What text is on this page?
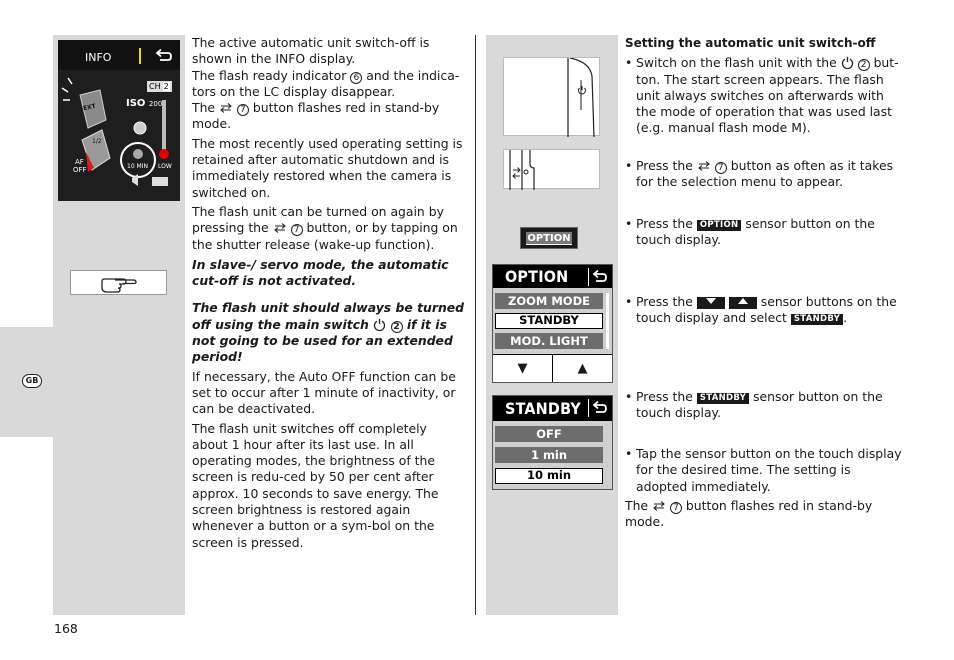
GB
168
INFO
CH 2
ISO 200
EXT
1/2
AF
OFF	10 MIN LOW

The active automatic unit switch-off is shown in the INFO display.

The flash ready indicator 6 and the indica-tors on the LC display disappear.

The	7 button flashes red in stand-by mode.

The most recently used operating setting is retained after automatic shutdown and is immediately restored when the camera is switched on.

The flash unit can be turned on again by pressing the	7 button, or by tapping on the shutter release (wake-up function).

In slave-/ servo mode, the automatic cut-off is not activated.

The flash unit should always be turned off using the main switch	2 if it is not going to be used for an extended period!

If necessary, the Auto OFF function can be set to occur after 1 minute of inactivity, or can be deactivated.

The flash unit switches off completely about 1 hour after its last use. In all operating modes, the brightness of the screen is redu-ced by 50 per cent after approx. 10 seconds to save energy. The screen brightness is restored again whenever a button or a sym-bol on the screen is pressed.

OPTION
OPTION
ZOOM MODE
STANDBY
MOD. LIGHT
▼	▲
STANDBY
OFF
1 min
10 min

Setting the automatic unit switch-off

• Switch on the flash unit with the	2 but-ton. The start screen appears. The flash unit always switches on afterwards with the mode of operation that was used last (e.g. manual flash mode M).

• Press the	7 button as often as it takes for the selection menu to appear.

• Press the OPTION sensor button on the touch display.

• Press the	sensor buttons on the touch display and select STANDBY .

• Press the STANDBY sensor button on the touch display.

• Tap the sensor button on the touch display for the desired time. The setting is adopted immediately.

The	7 button flashes red in stand-by mode.
